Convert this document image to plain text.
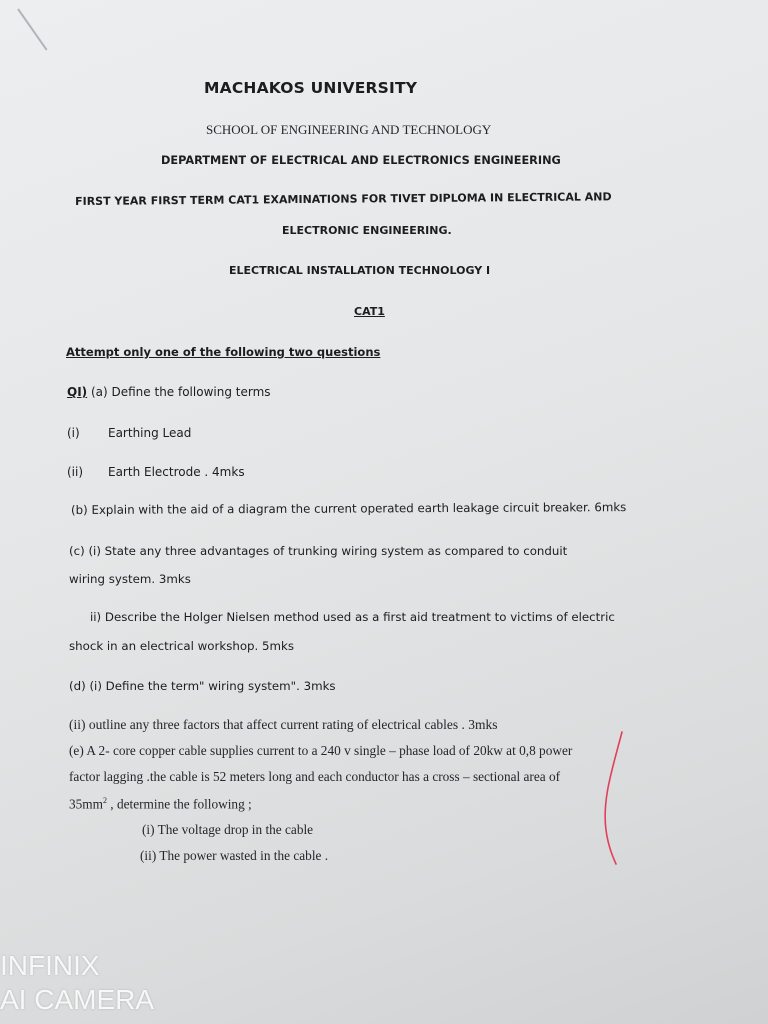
MACHAKOS UNIVERSITY
SCHOOL OF ENGINEERING AND TECHNOLOGY
DEPARTMENT OF ELECTRICAL AND ELECTRONICS ENGINEERING
FIRST YEAR FIRST TERM CAT1 EXAMINATIONS FOR TIVET DIPLOMA IN ELECTRICAL AND
ELECTRONIC ENGINEERING.
ELECTRICAL INSTALLATION TECHNOLOGY I
CAT1
Attempt only one of the following two questions
QI) (a) Define the following terms
(i) Earthing Lead
(ii) Earth Electrode . 4mks
(b) Explain with the aid of a diagram the current operated earth leakage circuit breaker. 6mks
(c) (i) State any three advantages of trunking wiring system as compared to conduit
wiring system. 3mks
ii) Describe the Holger Nielsen method used as a first aid treatment to victims of electric
shock in an electrical workshop. 5mks
(d) (i) Define the term" wiring system". 3mks
(ii) outline any three factors that affect current rating of electrical cables . 3mks
(e) A 2- core copper cable supplies current to a 240 v single – phase load of 20kw at 0,8 power
factor lagging .the cable is 52 meters long and each conductor has a cross – sectional area of
$35mm^2$ , determine the following ;
(i) The voltage drop in the cable
(ii) The power wasted in the cable .
INFINIX
AI CAMERA
